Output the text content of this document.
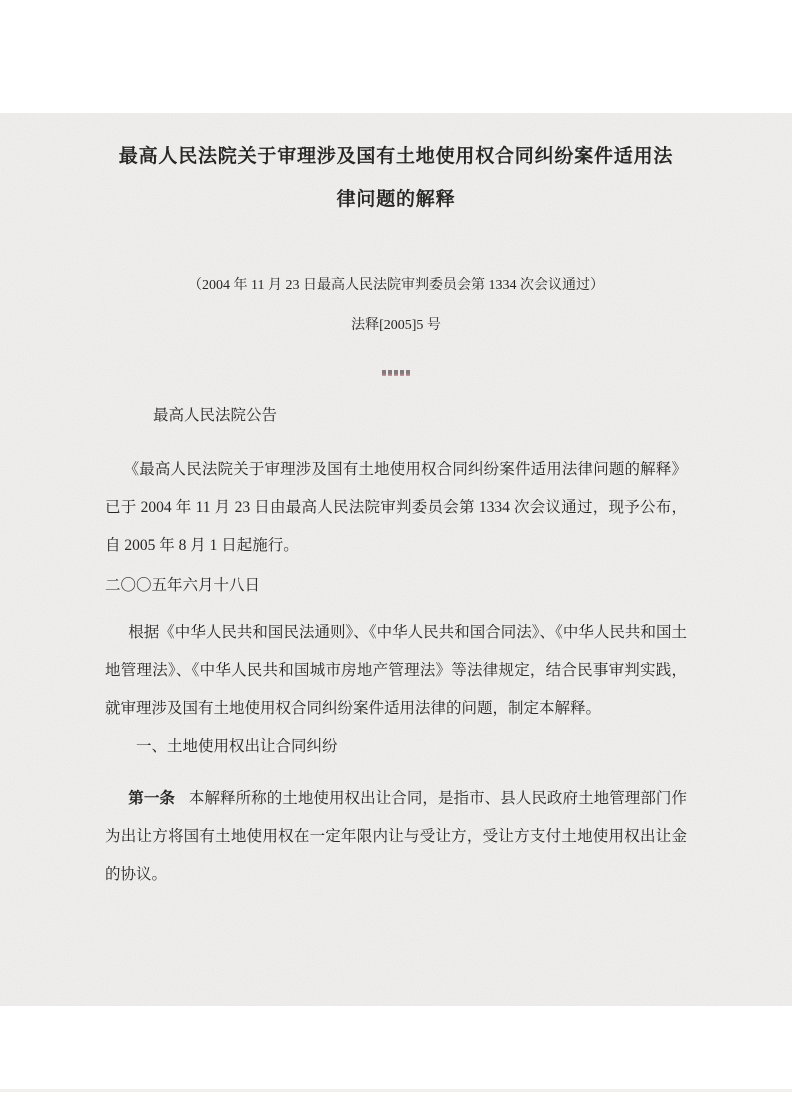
最高人民法院关于审理涉及国有土地使用权合同纠纷案件适用法
律问题的解释
（2004 年 11 月 23 日最高人民法院审判委员会第 1334 次会议通过）
法释[2005]5 号
最高人民法院公告
《最高人民法院关于审理涉及国有土地使用权合同纠纷案件适用法律问题的解释》已于 2004 年 11 月 23 日由最高人民法院审判委员会第 1334 次会议通过，现予公布，自 2005 年 8 月 1 日起施行。
二〇〇五年六月十八日
根据《中华人民共和国民法通则》、《中华人民共和国合同法》、《中华人民共和国土地管理法》、《中华人民共和国城市房地产管理法》等法律规定，结合民事审判实践，就审理涉及国有土地使用权合同纠纷案件适用法律的问题，制定本解释。
一、土地使用权出让合同纠纷
第一条 本解释所称的土地使用权出让合同，是指市、县人民政府土地管理部门作为出让方将国有土地使用权在一定年限内让与受让方，受让方支付土地使用权出让金的协议。
